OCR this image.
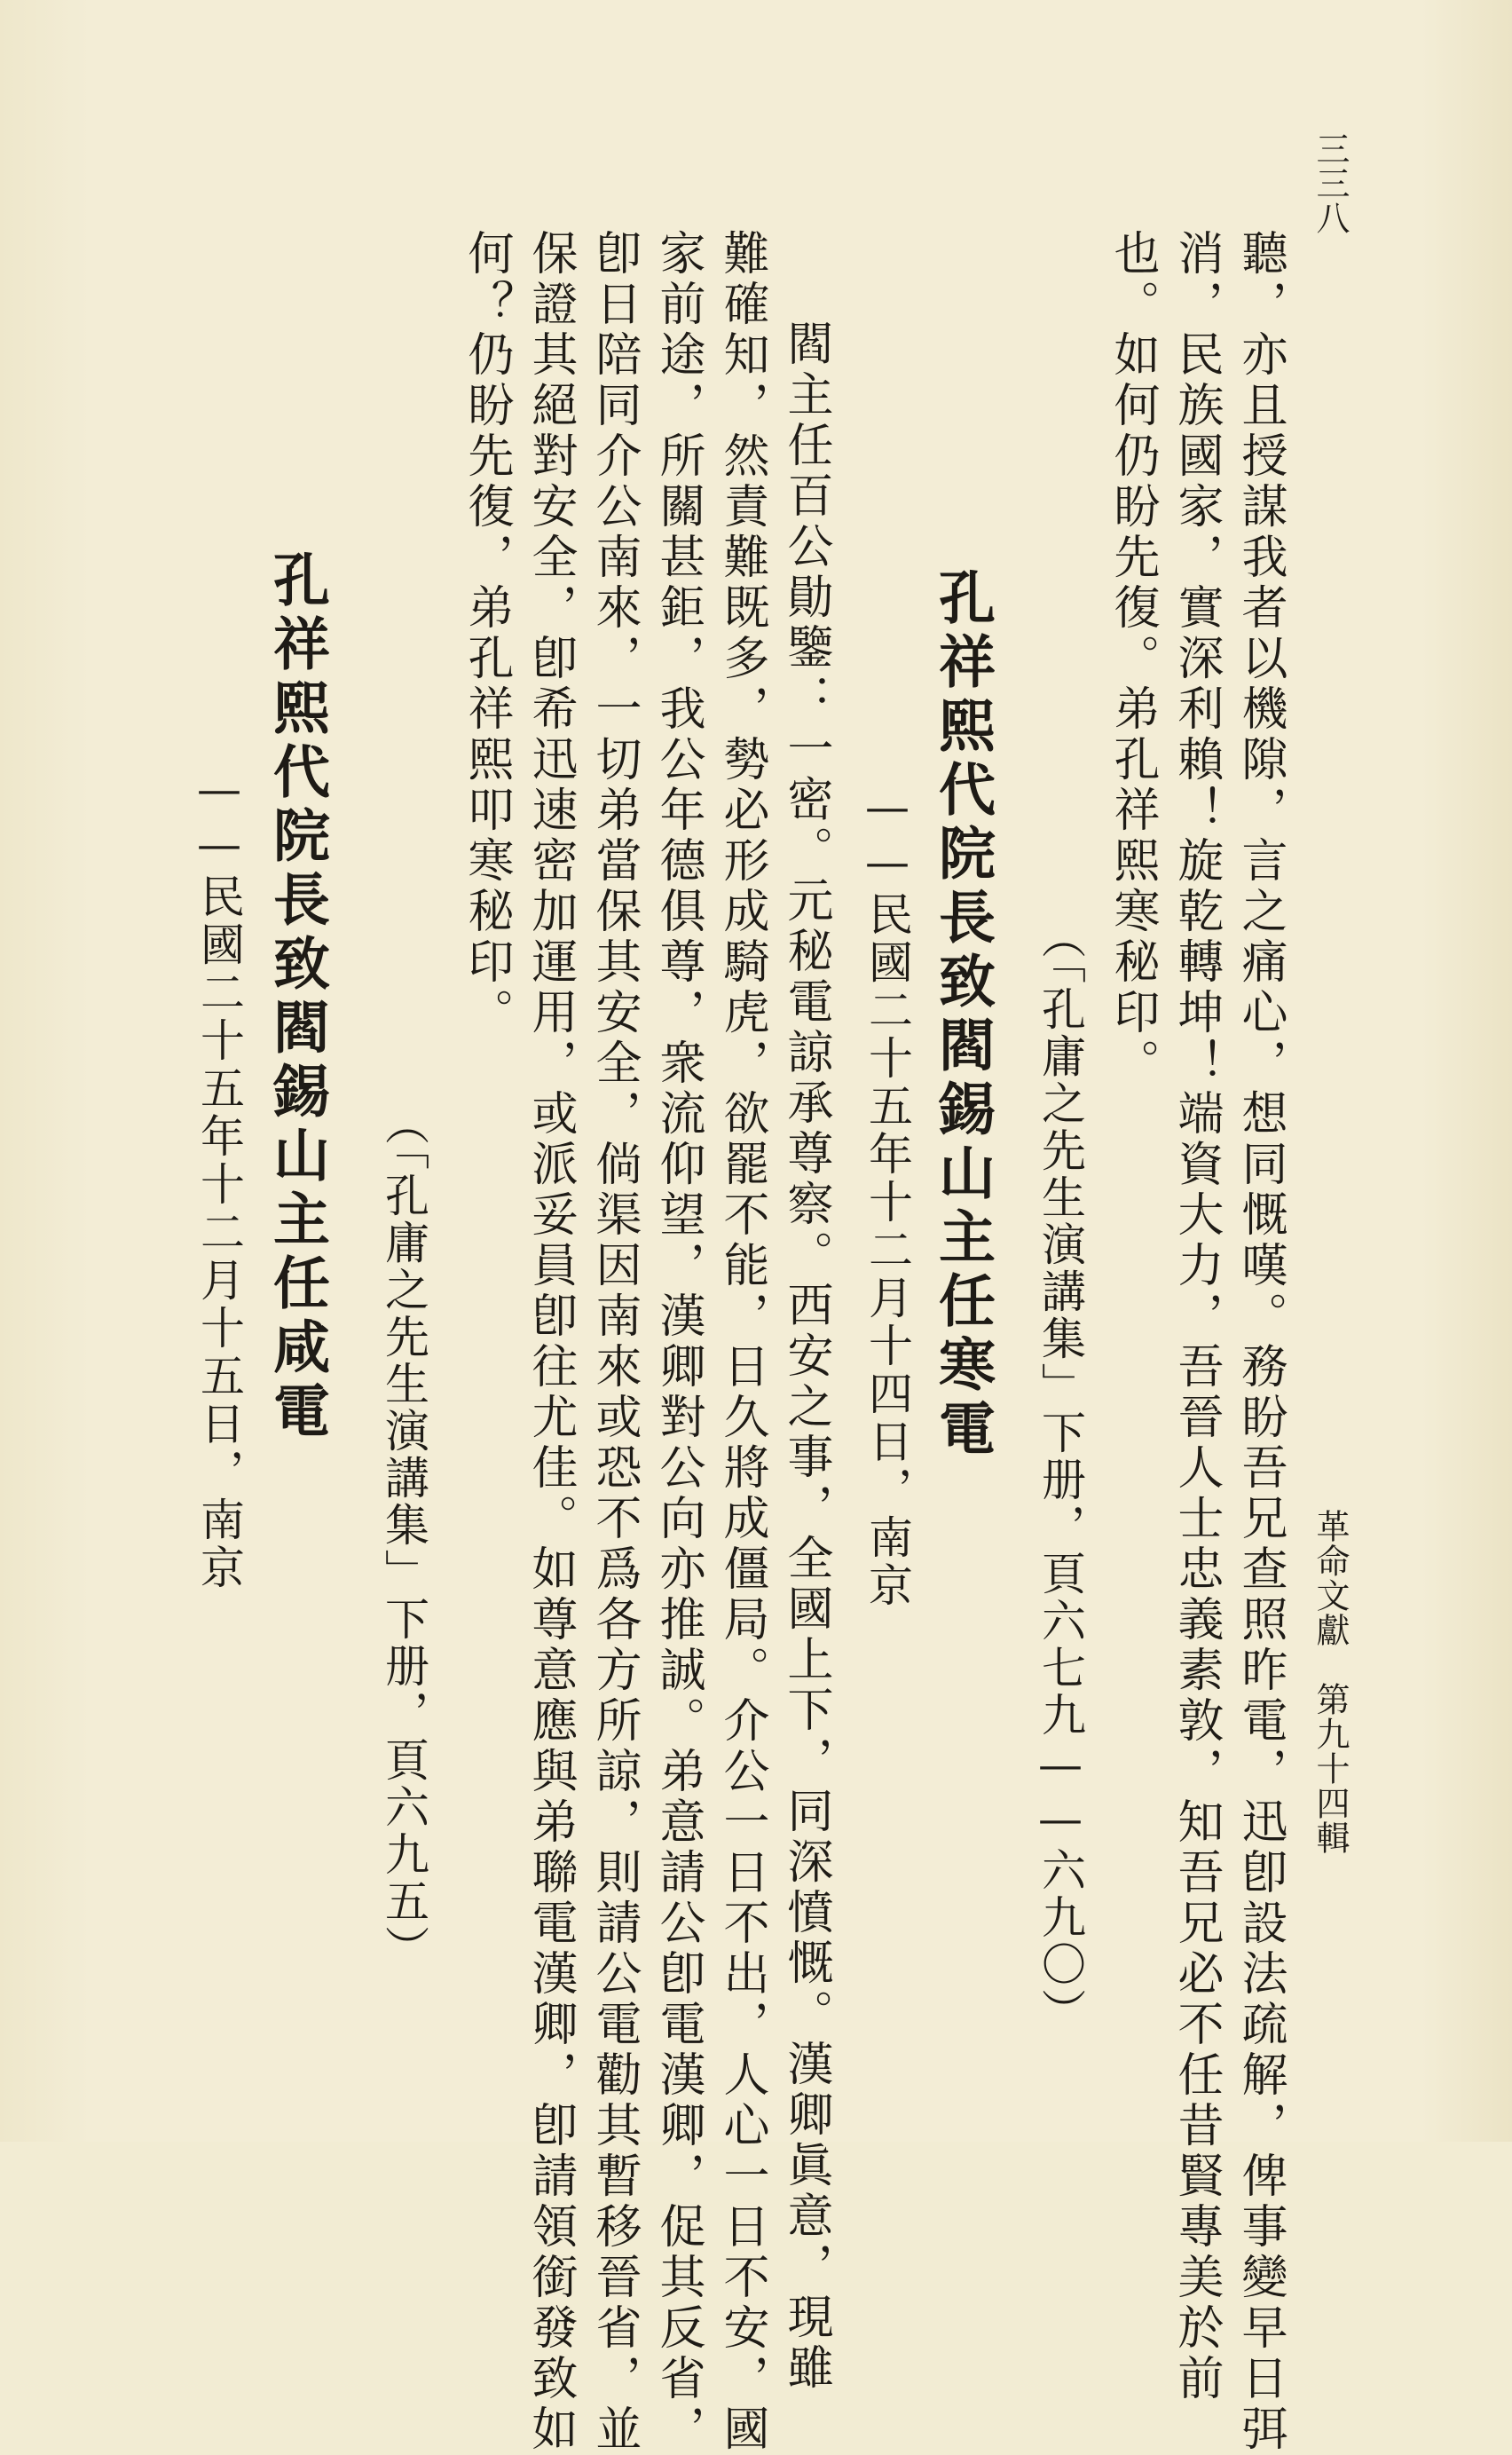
三三八

革命文獻　第九十四輯

聽，亦且授謀我者以機隙，言之痛心，想同慨嘆。務盼吾兄查照昨電，迅卽設法疏解，俾事變早日弭

消，民族國家，實深利賴！旋乾轉坤！端資大力，吾晉人士忠義素敦，知吾兄必不任昔賢專美於前

也。如何仍盼先復。弟孔祥熙寒秘印。

（「孔庸之先生演講集」下册，頁六七九——六九〇）

孔祥熙代院長致閻錫山主任寒電

——民國二十五年十二月十四日，南京

閻主任百公勛鑒：一密。元秘電諒承尊察。西安之事，全國上下，同深憤慨。漢卿眞意，現雖

難確知，然責難既多，勢必形成騎虎，欲罷不能，日久將成僵局。介公一日不出，人心一日不安，國

家前途，所關甚鉅，我公年德俱尊，衆流仰望，漢卿對公向亦推誠。弟意請公卽電漢卿，促其反省，

卽日陪同介公南來，一切弟當保其安全，倘渠因南來或恐不爲各方所諒，則請公電勸其暫移晉省，並

保證其絕對安全，卽希迅速密加運用，或派妥員卽往尤佳。如尊意應與弟聯電漢卿，卽請領銜發致如

何？仍盼先復，弟孔祥熙叩寒秘印。

（「孔庸之先生演講集」下册，頁六九五）

孔祥熙代院長致閻錫山主任咸電

——民國二十五年十二月十五日，南京
